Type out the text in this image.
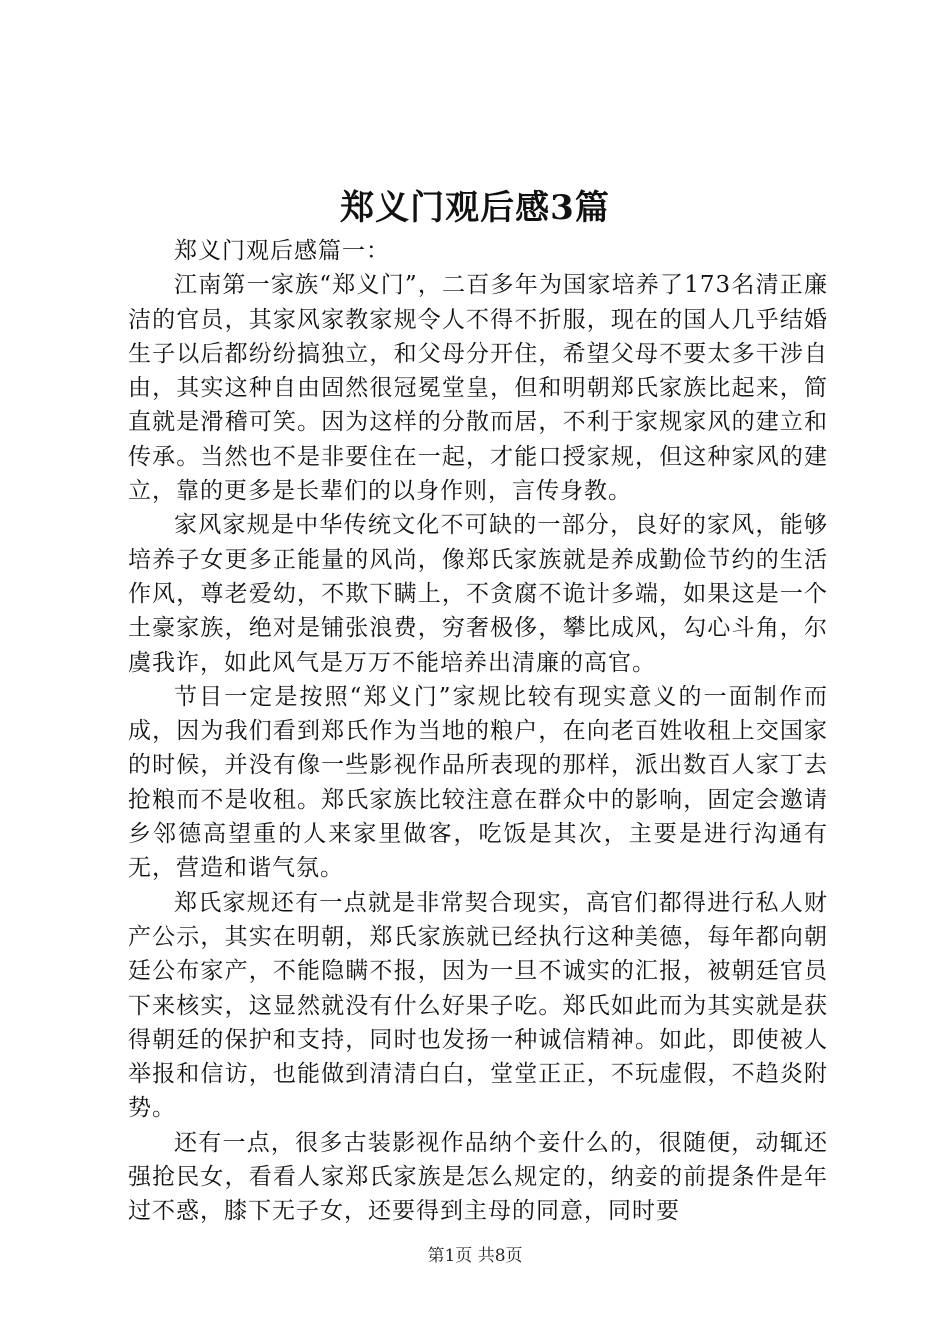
郑义门观后感3篇

郑义门观后感篇一：

江南第一家族“郑义门”，二百多年为国家培养了173名清正廉洁的官员，其家风家教家规令人不得不折服，现在的国人几乎结婚生子以后都纷纷搞独立，和父母分开住，希望父母不要太多干涉自由，其实这种自由固然很冠冕堂皇，但和明朝郑氏家族比起来，简直就是滑稽可笑。因为这样的分散而居，不利于家规家风的建立和传承。当然也不是非要住在一起，才能口授家规，但这种家风的建立，靠的更多是长辈们的以身作则，言传身教。

家风家规是中华传统文化不可缺的一部分，良好的家风，能够培养子女更多正能量的风尚，像郑氏家族就是养成勤俭节约的生活作风，尊老爱幼，不欺下瞒上，不贪腐不诡计多端，如果这是一个土豪家族，绝对是铺张浪费，穷奢极侈，攀比成风，勾心斗角，尔虞我诈，如此风气是万万不能培养出清廉的高官。

节目一定是按照“郑义门”家规比较有现实意义的一面制作而成，因为我们看到郑氏作为当地的粮户，在向老百姓收租上交国家的时候，并没有像一些影视作品所表现的那样，派出数百人家丁去抢粮而不是收租。郑氏家族比较注意在群众中的影响，固定会邀请乡邻德高望重的人来家里做客，吃饭是其次，主要是进行沟通有无，营造和谐气氛。

郑氏家规还有一点就是非常契合现实，高官们都得进行私人财产公示，其实在明朝，郑氏家族就已经执行这种美德，每年都向朝廷公布家产，不能隐瞒不报，因为一旦不诚实的汇报，被朝廷官员下来核实，这显然就没有什么好果子吃。郑氏如此而为其实就是获得朝廷的保护和支持，同时也发扬一种诚信精神。如此，即使被人举报和信访，也能做到清清白白，堂堂正正，不玩虚假，不趋炎附势。

还有一点，很多古装影视作品纳个妾什么的，很随便，动辄还强抢民女，看看人家郑氏家族是怎么规定的，纳妾的前提条件是年过不惑，膝下无子女，还要得到主母的同意，同时要

第1页 共8页
